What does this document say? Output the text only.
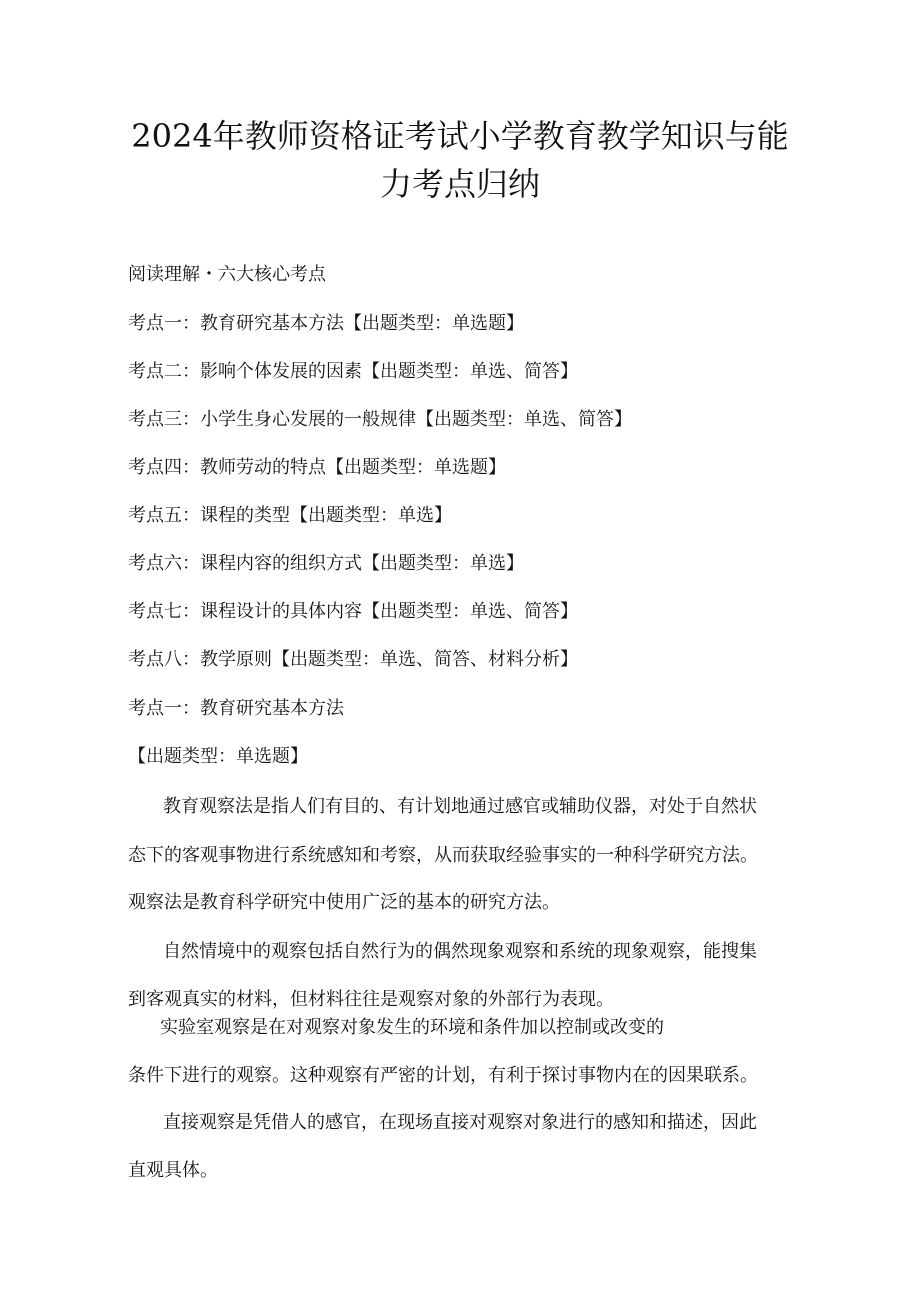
2024年教师资格证考试小学教育教学知识与能
力考点归纳
阅读理解・六大核心考点
考点一：教育研究基本方法【出题类型：单选题】
考点二：影响个体发展的因素【出题类型：单选、简答】
考点三：小学生身心发展的一般规律【出题类型：单选、简答】
考点四：教师劳动的特点【出题类型：单选题】
考点五：课程的类型【出题类型：单选】
考点六：课程内容的组织方式【出题类型：单选】
考点七：课程设计的具体内容【出题类型：单选、简答】
考点八：教学原则【出题类型：单选、简答、材料分析】
考点一：教育研究基本方法
【出题类型：单选题】
教育观察法是指人们有目的、有计划地通过感官或辅助仪器，对处于自然状
态下的客观事物进行系统感知和考察，从而获取经验事实的一种科学研究方法。
观察法是教育科学研究中使用广泛的基本的研究方法。
自然情境中的观察包括自然行为的偶然现象观察和系统的现象观察，能搜集
到客观真实的材料，但材料往往是观察对象的外部行为表现。
实验室观察是在对观察对象发生的环境和条件加以控制或改变的
条件下进行的观察。这种观察有严密的计划，有利于探讨事物内在的因果联系。
直接观察是凭借人的感官，在现场直接对观察对象进行的感知和描述，因此
直观具体。
